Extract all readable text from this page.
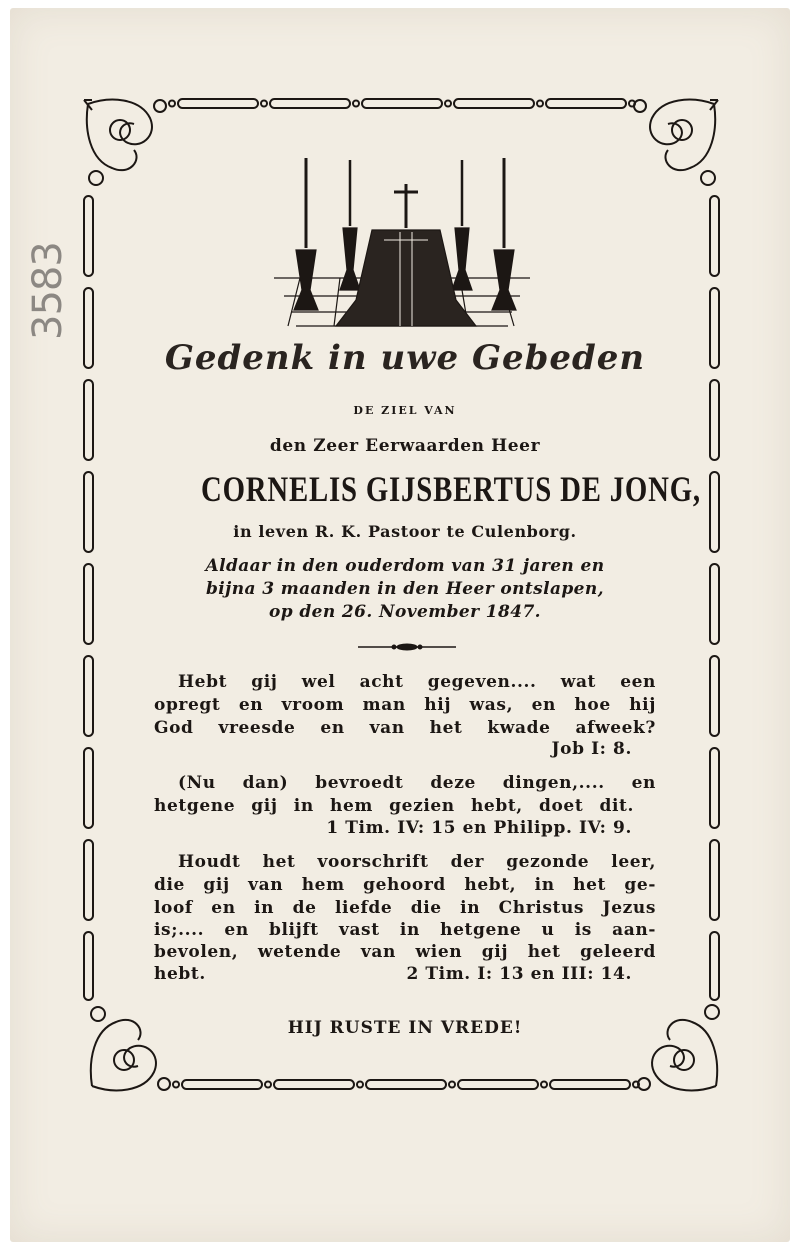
3583
Gedenk in uwe Gebeden
DE ZIEL VAN
den Zeer Eerwaarden Heer
CORNELIS GIJSBERTUS DE JONG,
in leven R. K. Pastoor te Culenborg.
Aldaar in den ouderdom van 31 jaren en
bijna 3 maanden in den Heer ontslapen,
op den 26. November 1847.
Hebt gij wel acht gegeven.... wat een
opregt en vroom man hij was, en hoe hij
God vreesde en van het kwade afweek?
Job I: 8.
(Nu dan) bevroedt deze dingen,.... en
hetgene gij in hem gezien hebt, doet dit.
1 Tim. IV: 15 en Philipp. IV: 9.
Houdt het voorschrift der gezonde leer,
die gij van hem gehoord hebt, in het ge-
loof en in de liefde die in Christus Jezus
is;.... en blijft vast in hetgene u is aan-
bevolen, wetende van wien gij het geleerd
hebt.	2 Tim. I: 13 en III: 14.
HIJ RUSTE IN VREDE!
